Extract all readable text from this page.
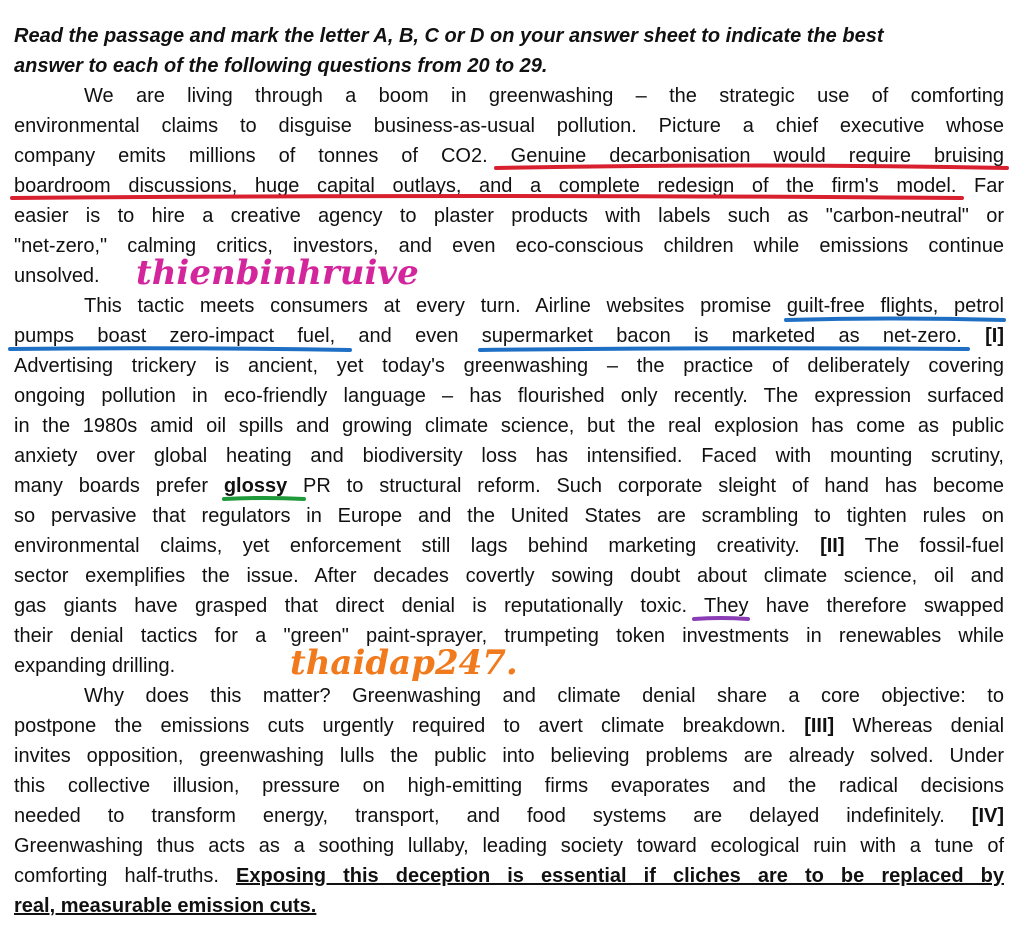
Read the passage and mark the letter A, B, C or D on your answer sheet to indicate the best
answer to each of the following questions from 20 to 29.
We are living through a boom in greenwashing – the strategic use of comforting
environmental claims to disguise business-as-usual pollution. Picture a chief executive whose
company emits millions of tonnes of CO2. Genuine decarbonisation would require bruising
boardroom discussions, huge capital outlays, and a complete redesign of the firm's model. Far
easier is to hire a creative agency to plaster products with labels such as "carbon-neutral" or
"net-zero," calming critics, investors, and even eco-conscious children while emissions continue
unsolved.
This tactic meets consumers at every turn. Airline websites promise guilt-free flights, petrol
pumps boast zero-impact fuel, and even supermarket bacon is marketed as net-zero. [I]
Advertising trickery is ancient, yet today's greenwashing – the practice of deliberately covering
ongoing pollution in eco-friendly language – has flourished only recently. The expression surfaced
in the 1980s amid oil spills and growing climate science, but the real explosion has come as public
anxiety over global heating and biodiversity loss has intensified. Faced with mounting scrutiny,
many boards prefer glossy PR to structural reform. Such corporate sleight of hand has become
so pervasive that regulators in Europe and the United States are scrambling to tighten rules on
environmental claims, yet enforcement still lags behind marketing creativity. [II] The fossil-fuel
sector exemplifies the issue. After decades covertly sowing doubt about climate science, oil and
gas giants have grasped that direct denial is reputationally toxic. They have therefore swapped
their denial tactics for a "green" paint-sprayer, trumpeting token investments in renewables while
expanding drilling.
Why does this matter? Greenwashing and climate denial share a core objective: to
postpone the emissions cuts urgently required to avert climate breakdown. [III] Whereas denial
invites opposition, greenwashing lulls the public into believing problems are already solved. Under
this collective illusion, pressure on high-emitting firms evaporates and the radical decisions
needed to transform energy, transport, and food systems are delayed indefinitely. [IV]
Greenwashing thus acts as a soothing lullaby, leading society toward ecological ruin with a tune of
comforting half-truths. Exposing this deception is essential if cliches are to be replaced by
real, measurable emission cuts.
thienbinhruive
thaidap247.
